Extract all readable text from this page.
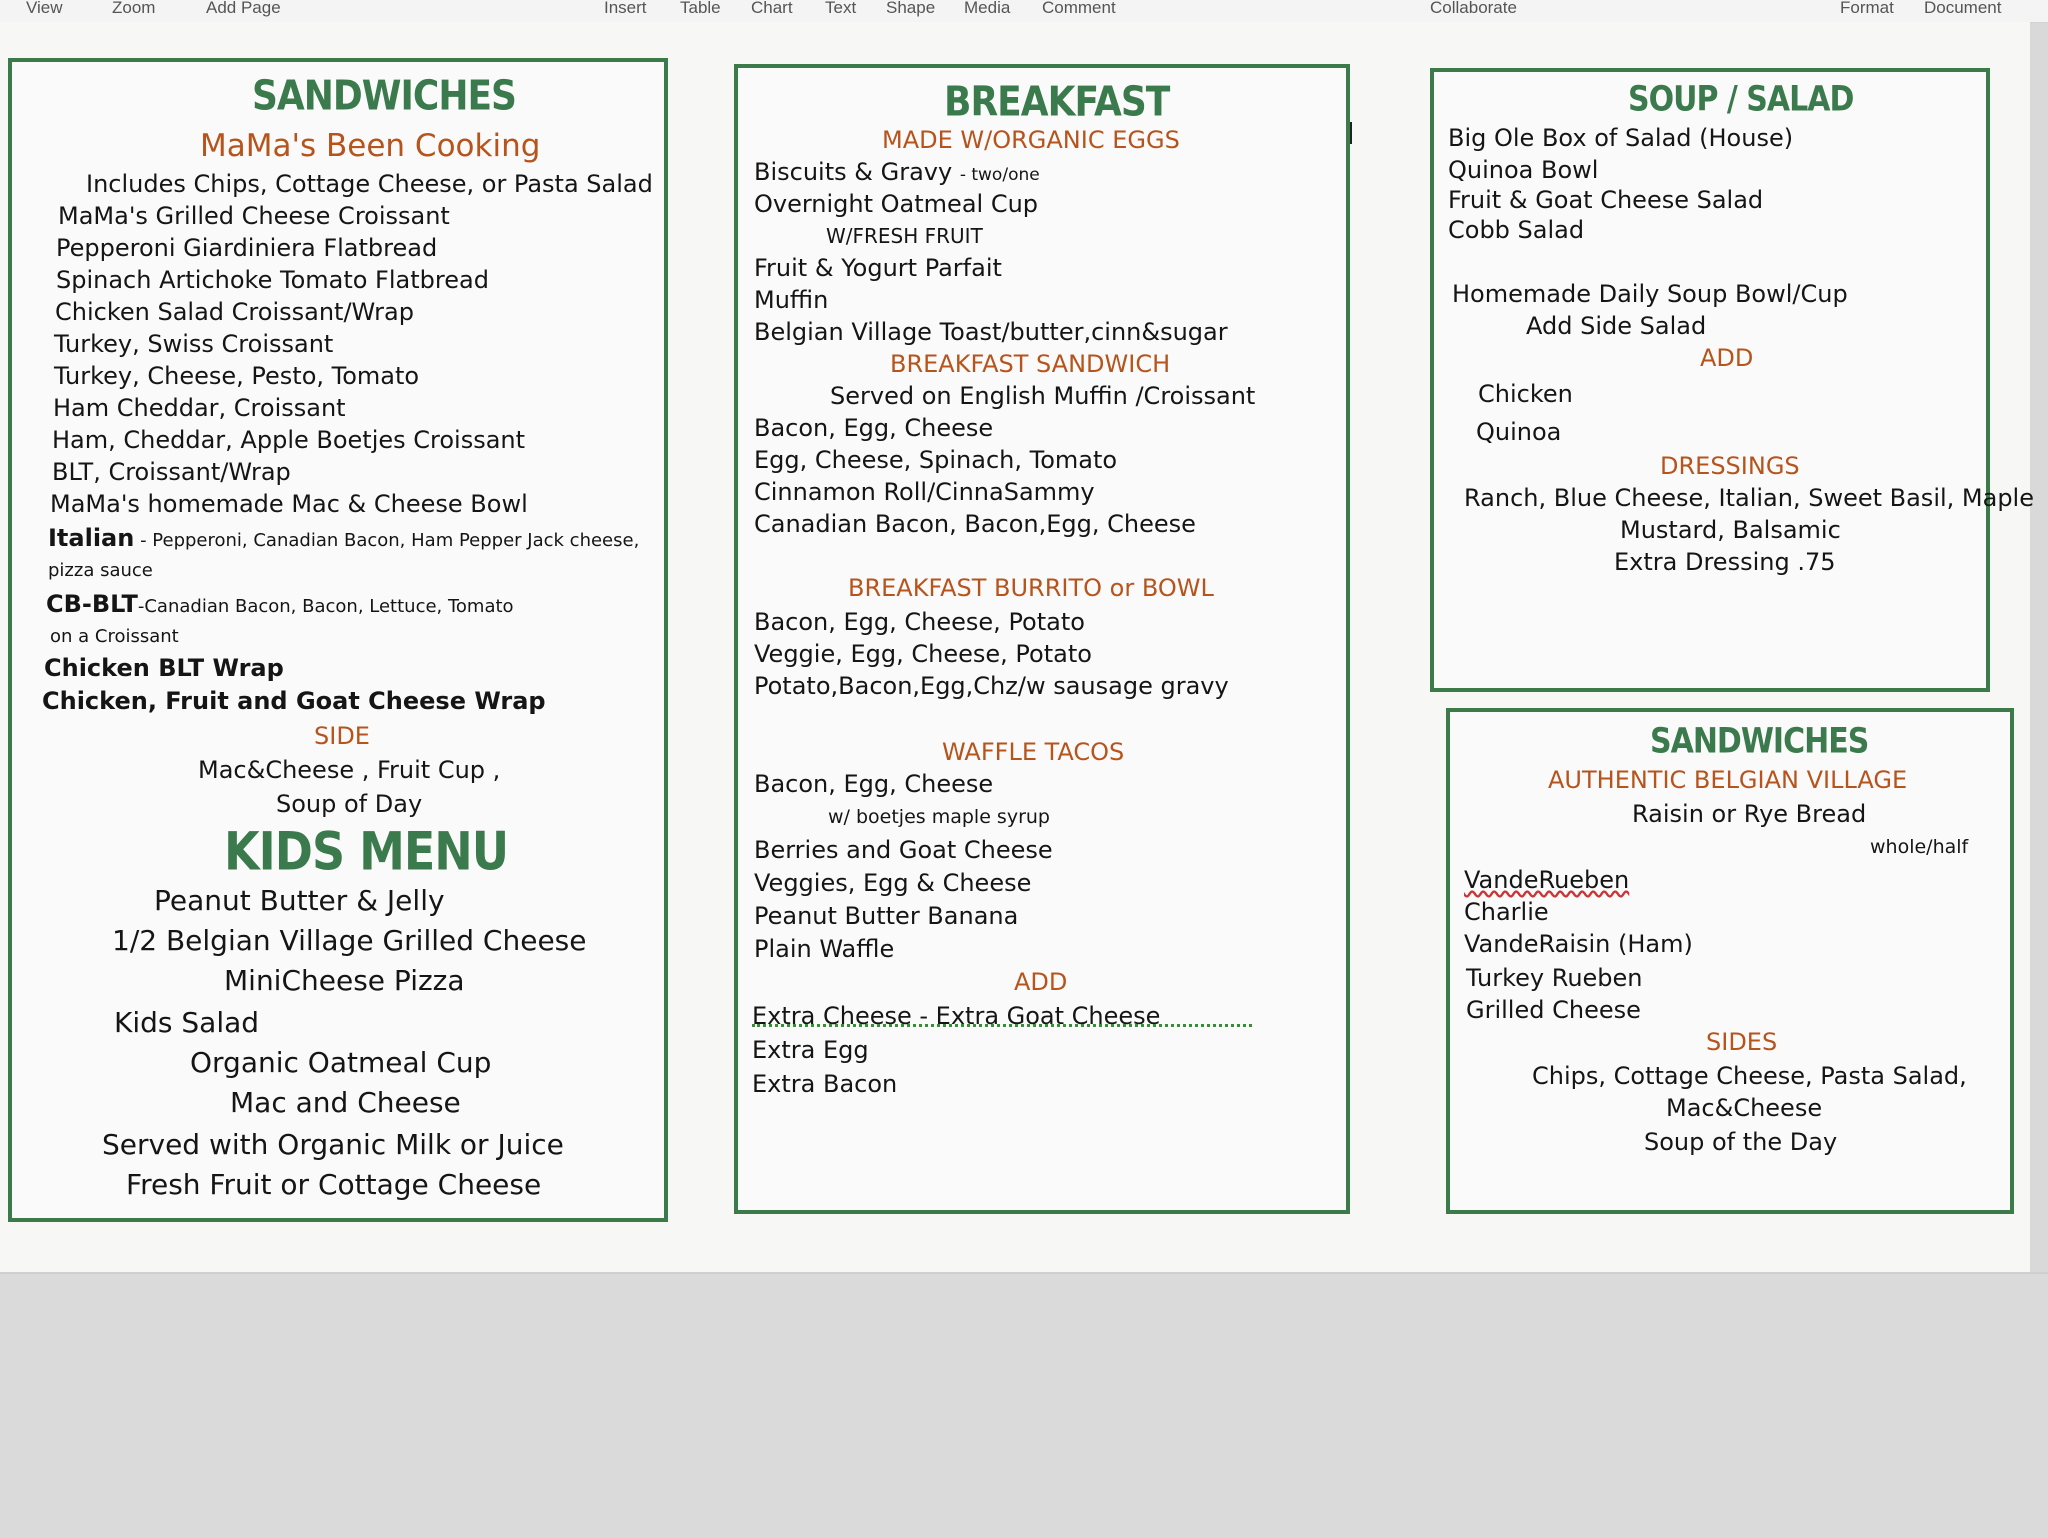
View	Zoom	Add Page	Insert Table Chart Text Shape Media Comment	Collaborate	Format Document
SANDWICHES
MaMa's Been Cooking
Includes Chips, Cottage Cheese, or Pasta Salad
MaMa's Grilled Cheese Croissant
Pepperoni Giardiniera Flatbread
Spinach Artichoke Tomato Flatbread
Chicken Salad Croissant/Wrap
Turkey, Swiss Croissant
Turkey, Cheese, Pesto, Tomato
Ham Cheddar, Croissant
Ham, Cheddar, Apple Boetjes Croissant
BLT, Croissant/Wrap
MaMa's homemade Mac & Cheese Bowl
Italian - Pepperoni, Canadian Bacon, Ham Pepper Jack cheese,
pizza sauce
CB-BLT-Canadian Bacon, Bacon, Lettuce, Tomato
on a Croissant
Chicken BLT Wrap
Chicken, Fruit and Goat Cheese Wrap
SIDE
Mac&Cheese , Fruit Cup ,
Soup of Day
KIDS MENU
Peanut Butter & Jelly
1/2 Belgian Village Grilled Cheese
MiniCheese Pizza
Kids Salad
Organic Oatmeal Cup
Mac and Cheese
Served with Organic Milk or Juice
Fresh Fruit or Cottage Cheese
BREAKFAST
MADE W/ORGANIC EGGS
Biscuits & Gravy - two/one
Overnight Oatmeal Cup
W/FRESH FRUIT
Fruit & Yogurt Parfait
Muffin
Belgian Village Toast/butter,cinn&sugar
BREAKFAST SANDWICH
Served on English Muffin /Croissant
Bacon, Egg, Cheese
Egg, Cheese, Spinach, Tomato
Cinnamon Roll/CinnaSammy
Canadian Bacon, Bacon,Egg, Cheese
BREAKFAST BURRITO or BOWL
Bacon, Egg, Cheese, Potato
Veggie, Egg, Cheese, Potato
Potato,Bacon,Egg,Chz/w sausage gravy
WAFFLE TACOS
Bacon, Egg, Cheese
w/ boetjes maple syrup
Berries and Goat Cheese
Veggies, Egg & Cheese
Peanut Butter Banana
Plain Waffle
ADD
Extra Cheese - Extra Goat Cheese
Extra Egg
Extra Bacon
SOUP / SALAD
Big Ole Box of Salad (House)
Quinoa Bowl
Fruit & Goat Cheese Salad
Cobb Salad
Homemade Daily Soup Bowl/Cup
Add Side Salad
ADD
Chicken
Quinoa
DRESSINGS
Ranch, Blue Cheese, Italian, Sweet Basil, Maple
Mustard, Balsamic
Extra Dressing .75
SANDWICHES
AUTHENTIC BELGIAN VILLAGE
Raisin or Rye Bread
whole/half
VandeRueben
Charlie
VandeRaisin (Ham)
Turkey Rueben
Grilled Cheese
SIDES
Chips, Cottage Cheese, Pasta Salad,
Mac&Cheese
Soup of the Day
